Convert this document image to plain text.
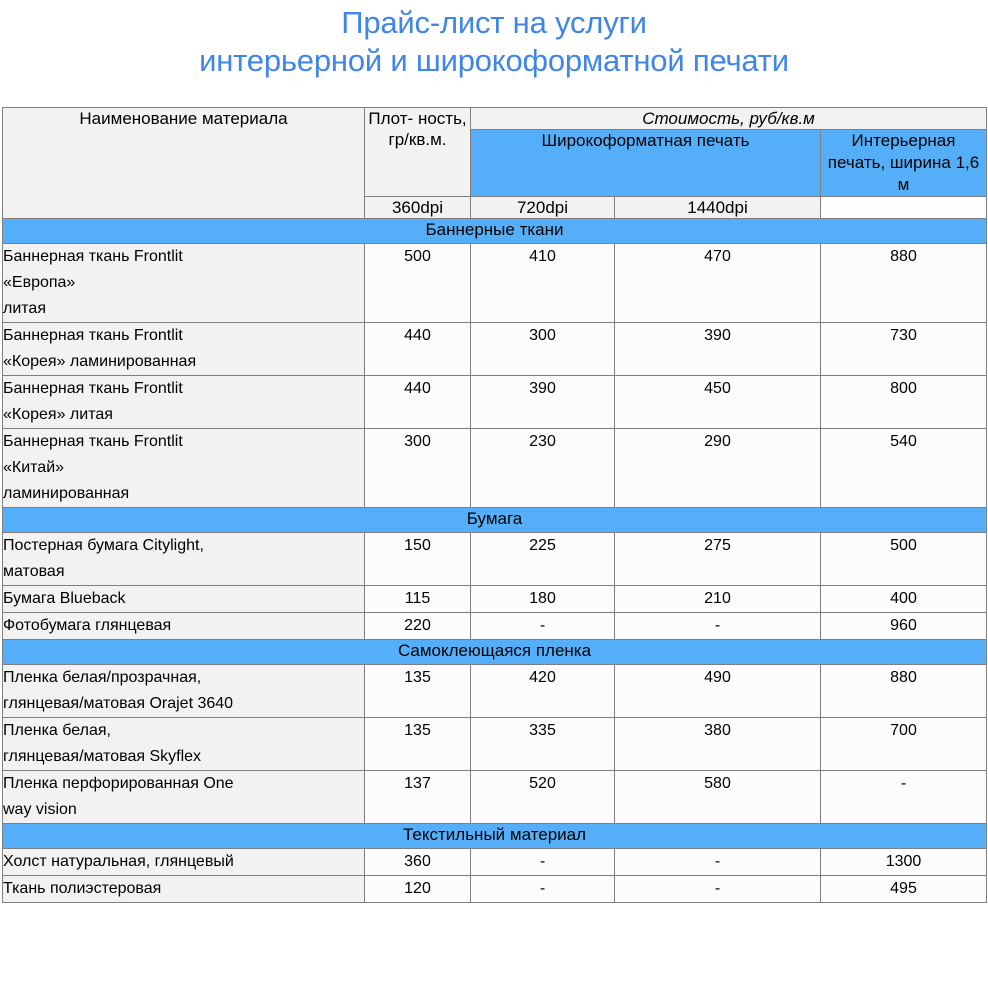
Прайс-лист на услуги
интерьерной и широкоформатной печати
Наименование материала	Плот- ность, гр/кв.м.	Стоимость, руб/кв.м		
		Широкоформатная печать		Интерьерная печать, ширина 1,6 м
	360dpi	720dpi	1440dpi	
Баннерные ткани				

Баннерная ткань Frontlit
«Европа»
литая	500	410	470	880

Баннерная ткань Frontlit
«Корея» ламинированная	440	300	390	730

Баннерная ткань Frontlit
«Корея» литая	440	390	450	800

Баннерная ткань Frontlit
«Китай»
ламинированная	300	230	290	540
Бумага				

Постерная бумага Citylight,
матовая	150	225	275	500

Бумага Blueback	115	180	210	400

Фотобумага глянцевая	220	-	-	960
Самоклеющаяся пленка				

Пленка белая/прозрачная,
глянцевая/матовая Orajet 3640	135	420	490	880

Пленка белая,
глянцевая/матовая Skyflex	135	335	380	700

Пленка перфорированная One
way vision	137	520	580	-
Текстильный материал				

Холст натуральная, глянцевый	360	-	-	1300

Ткань полиэстеровая	120	-	-	495
